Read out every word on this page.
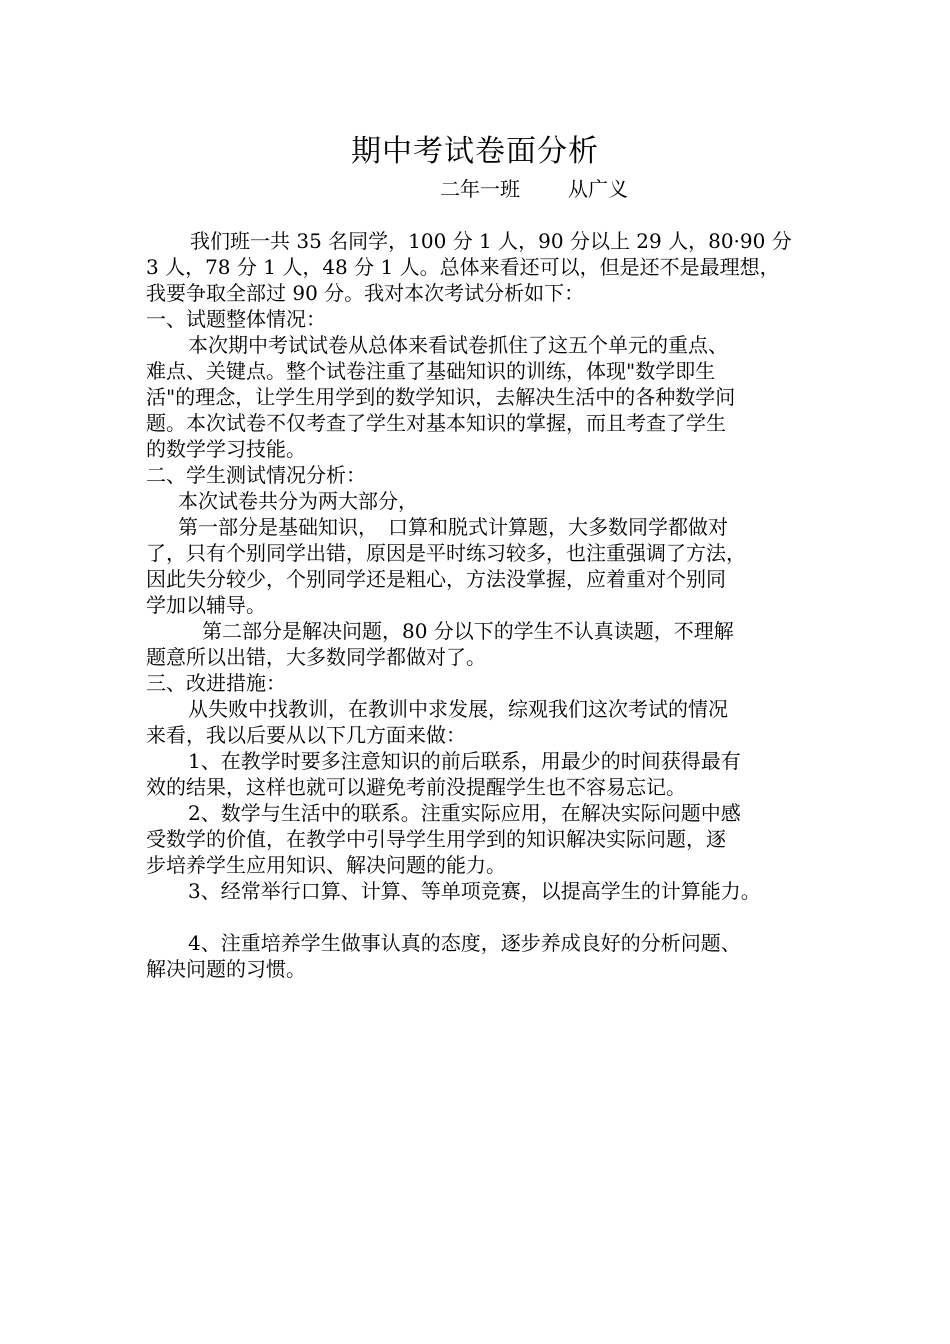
期中考试卷面分析
二年一班 从广义
我们班一共 35 名同学，100 分 1 人，90 分以上 29 人，80·90 分
3 人，78 分 1 人，48 分 1 人。总体来看还可以，但是还不是最理想，
我要争取全部过 90 分。我对本次考试分析如下：
一、试题整体情况：
本次期中考试试卷从总体来看试卷抓住了这五个单元的重点、
难点、关键点。整个试卷注重了基础知识的训练，体现"数学即生
活"的理念，让学生用学到的数学知识，去解决生活中的各种数学问
题。本次试卷不仅考查了学生对基本知识的掌握，而且考查了学生
的数学学习技能。
二、学生测试情况分析：
本次试卷共分为两大部分，
第一部分是基础知识，　口算和脱式计算题，大多数同学都做对
了，只有个别同学出错，原因是平时练习较多，也注重强调了方法，
因此失分较少，个别同学还是粗心，方法没掌握，应着重对个别同
学加以辅导。
第二部分是解决问题，80 分以下的学生不认真读题，不理解
题意所以出错，大多数同学都做对了。
三、改进措施：
从失败中找教训，在教训中求发展，综观我们这次考试的情况
来看，我以后要从以下几方面来做：
1、在教学时要多注意知识的前后联系，用最少的时间获得最有
效的结果，这样也就可以避免考前没提醒学生也不容易忘记。
2、数学与生活中的联系。注重实际应用，在解决实际问题中感
受数学的价值，在教学中引导学生用学到的知识解决实际问题，逐
步培养学生应用知识、解决问题的能力。
3、经常举行口算、计算、等单项竞赛，以提高学生的计算能力。
4、注重培养学生做事认真的态度，逐步养成良好的分析问题、
解决问题的习惯。
